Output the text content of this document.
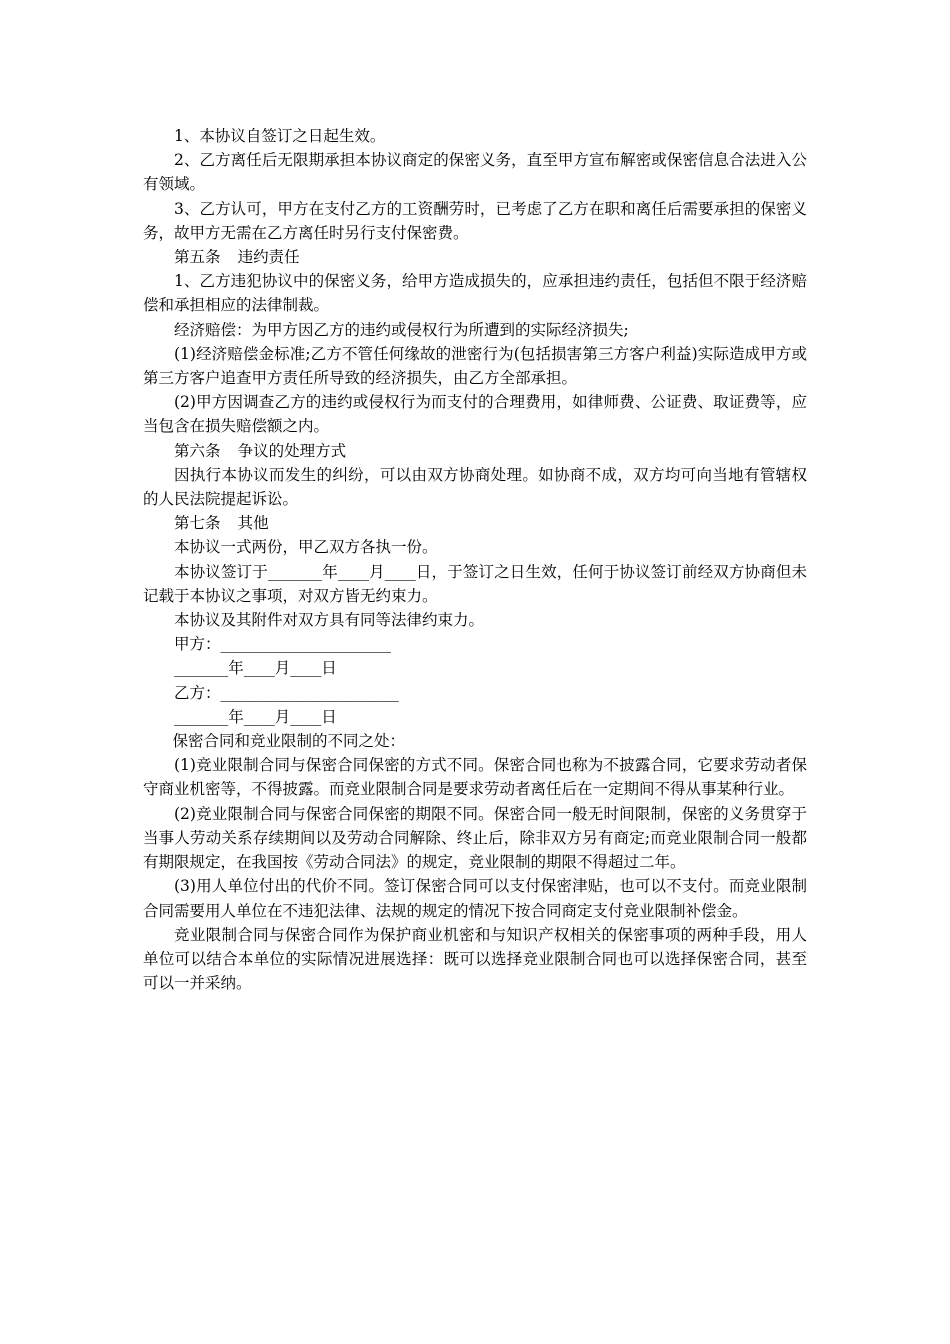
1、本协议自签订之日起生效。

2、乙方离任后无限期承担本协议商定的保密义务，直至甲方宣布解密或保密信息合法进入公有领域。

3、乙方认可，甲方在支付乙方的工资酬劳时，已考虑了乙方在职和离任后需要承担的保密义务，故甲方无需在乙方离任时另行支付保密费。

第五条 违约责任

1、乙方违犯协议中的保密义务，给甲方造成损失的，应承担违约责任，包括但不限于经济赔偿和承担相应的法律制裁。

经济赔偿：为甲方因乙方的违约或侵权行为所遭到的实际经济损失;

(1)经济赔偿金标准;乙方不管任何缘故的泄密行为(包括损害第三方客户利益)实际造成甲方或第三方客户追查甲方责任所导致的经济损失，由乙方全部承担。

(2)甲方因调查乙方的违约或侵权行为而支付的合理费用，如律师费、公证费、取证费等，应当包含在损失赔偿额之内。

第六条 争议的处理方式

因执行本协议而发生的纠纷，可以由双方协商处理。如协商不成，双方均可向当地有管辖权的人民法院提起诉讼。

第七条 其他

本协议一式两份，甲乙双方各执一份。

本协议签订于_______年____月____日，于签订之日生效，任何于协议签订前经双方协商但未记载于本协议之事项，对双方皆无约束力。

本协议及其附件对双方具有同等法律约束力。

甲方：______________________

_______年____月____日

乙方：_______________________

_______年____月____日

保密合同和竞业限制的不同之处：

(1)竞业限制合同与保密合同保密的方式不同。保密合同也称为不披露合同，它要求劳动者保守商业机密等，不得披露。而竞业限制合同是要求劳动者离任后在一定期间不得从事某种行业。

(2)竞业限制合同与保密合同保密的期限不同。保密合同一般无时间限制，保密的义务贯穿于当事人劳动关系存续期间以及劳动合同解除、终止后，除非双方另有商定;而竞业限制合同一般都有期限规定，在我国按《劳动合同法》的规定，竞业限制的期限不得超过二年。

(3)用人单位付出的代价不同。签订保密合同可以支付保密津贴，也可以不支付。而竞业限制合同需要用人单位在不违犯法律、法规的规定的情况下按合同商定支付竞业限制补偿金。

竞业限制合同与保密合同作为保护商业机密和与知识产权相关的保密事项的两种手段，用人单位可以结合本单位的实际情况进展选择：既可以选择竞业限制合同也可以选择保密合同，甚至可以一并采纳。
